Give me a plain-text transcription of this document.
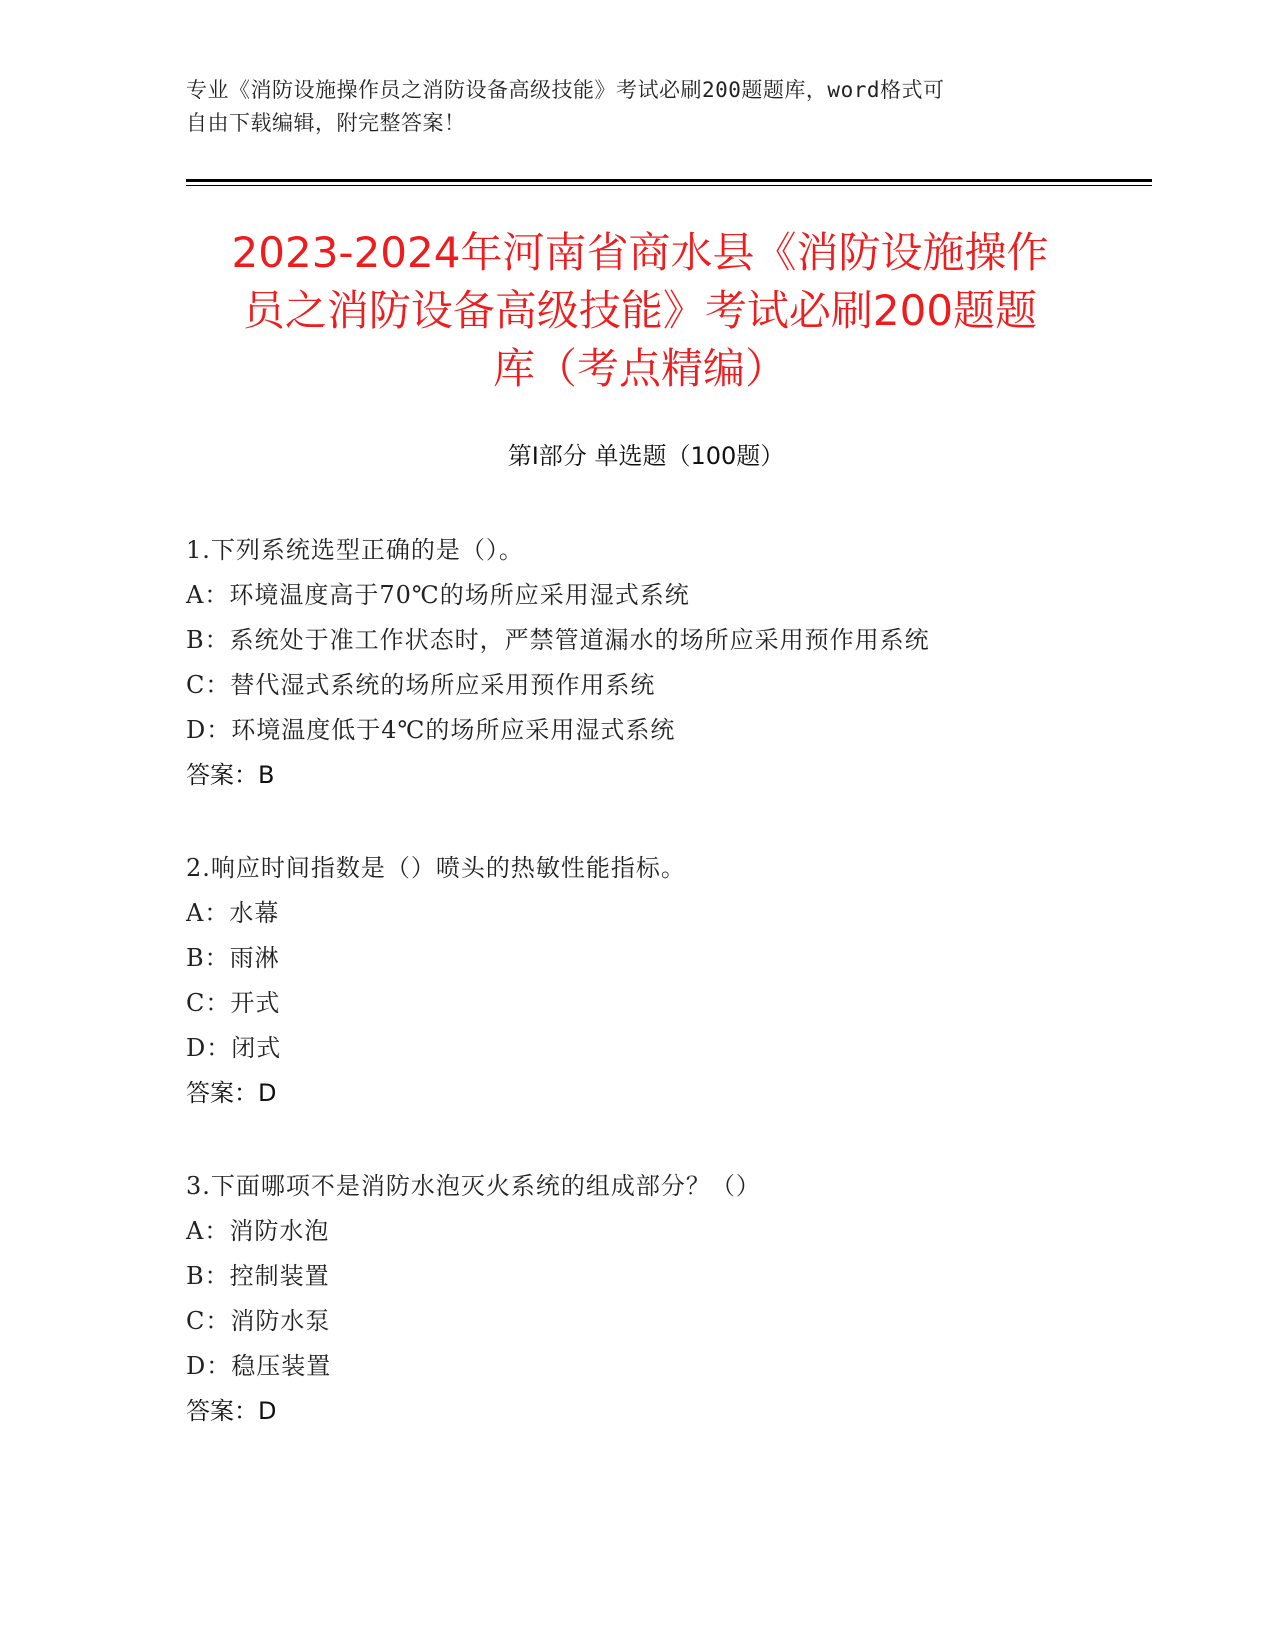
专业《消防设施操作员之消防设备高级技能》考试必刷200题题库，word格式可
自由下载编辑，附完整答案！
2023-2024年河南省商水县《消防设施操作
员之消防设备高级技能》考试必刷200题题
库（考点精编）
第Ⅰ部分 单选题（100题）
1.下列系统选型正确的是（）。
A：环境温度高于70℃的场所应采用湿式系统
B：系统处于准工作状态时，严禁管道漏水的场所应采用预作用系统
C：替代湿式系统的场所应采用预作用系统
D：环境温度低于4℃的场所应采用湿式系统
答案：B
2.响应时间指数是（）喷头的热敏性能指标。
A：水幕
B：雨淋
C：开式
D：闭式
答案：D
3.下面哪项不是消防水泡灭火系统的组成部分？（）
A：消防水泡
B：控制装置
C：消防水泵
D：稳压装置
答案：D
